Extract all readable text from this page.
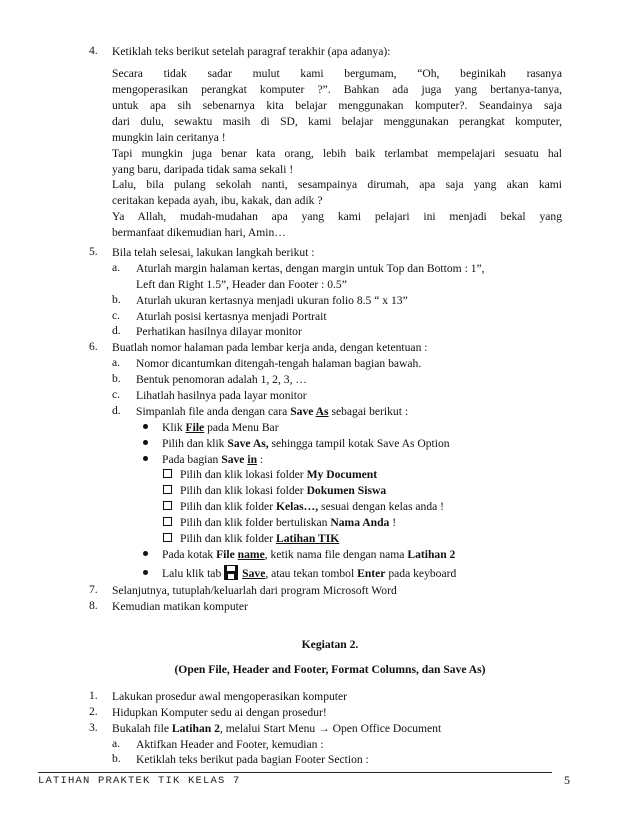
4. Ketiklah teks berikut setelah paragraf terakhir (apa adanya):
Secara tidak sadar mulut kami bergumam, “Oh, beginikah rasanya
mengoperasikan perangkat komputer ?”. Bahkan ada juga yang bertanya-tanya,
untuk apa sih sebenarnya kita belajar menggunakan komputer?. Seandainya saja
dari dulu, sewaktu masih di SD, kami belajar menggunakan perangkat komputer,
mungkin lain ceritanya !
Tapi mungkin juga benar kata orang, lebih baik terlambat mempelajari sesuatu hal
yang baru, daripada tidak sama sekali !
Lalu, bila pulang sekolah nanti, sesampainya dirumah, apa saja yang akan kami
ceritakan kepada ayah, ibu, kakak, dan adik ?
Ya Allah, mudah-mudahan apa yang kami pelajari ini menjadi bekal yang
bermanfaat dikemudian hari, Amin…
5. Bila telah selesai, lakukan langkah berikut :
a. Aturlah margin halaman kertas, dengan margin untuk Top dan Bottom : 1”,
Left dan Right 1.5”, Header dan Footer : 0.5”
b. Aturlah ukuran kertasnya menjadi ukuran folio 8.5 “ x 13”
c. Aturlah posisi kertasnya menjadi Portrait
d. Perhatikan hasilnya dilayar monitor
6. Buatlah nomor halaman pada lembar kerja anda, dengan ketentuan :
a. Nomor dicantumkan ditengah-tengah halaman bagian bawah.
b. Bentuk penomoran adalah 1, 2, 3, …
c. Lihatlah hasilnya pada layar monitor
d. Simpanlah file anda dengan cara Save As sebagai berikut :
Klik File pada Menu Bar
Pilih dan klik Save As, sehingga tampil kotak Save As Option
Pada bagian Save in :
Pilih dan klik lokasi folder My Document
Pilih dan klik lokasi folder Dokumen Siswa
Pilih dan klik folder Kelas…, sesuai dengan kelas anda !
Pilih dan klik folder bertuliskan Nama Anda !
Pilih dan klik folder Latihan TIK
Pada kotak File name, ketik nama file dengan nama Latihan 2
Lalu klik tab Save, atau tekan tombol Enter pada keyboard
7. Selanjutnya, tutuplah/keluarlah dari program Microsoft Word
8. Kemudian matikan komputer
Kegiatan 2.
(Open File, Header and Footer, Format Columns, dan Save As)
1. Lakukan prosedur awal mengoperasikan komputer
2. Hidupkan Komputer sedu ai dengan prosedur!
3. Bukalah file Latihan 2, melalui Start Menu → Open Office Document
a. Aktifkan Header and Footer, kemudian :
b. Ketiklah teks berikut pada bagian Footer Section :
LATIHAN PRAKTEK TIK KELAS 7	5
